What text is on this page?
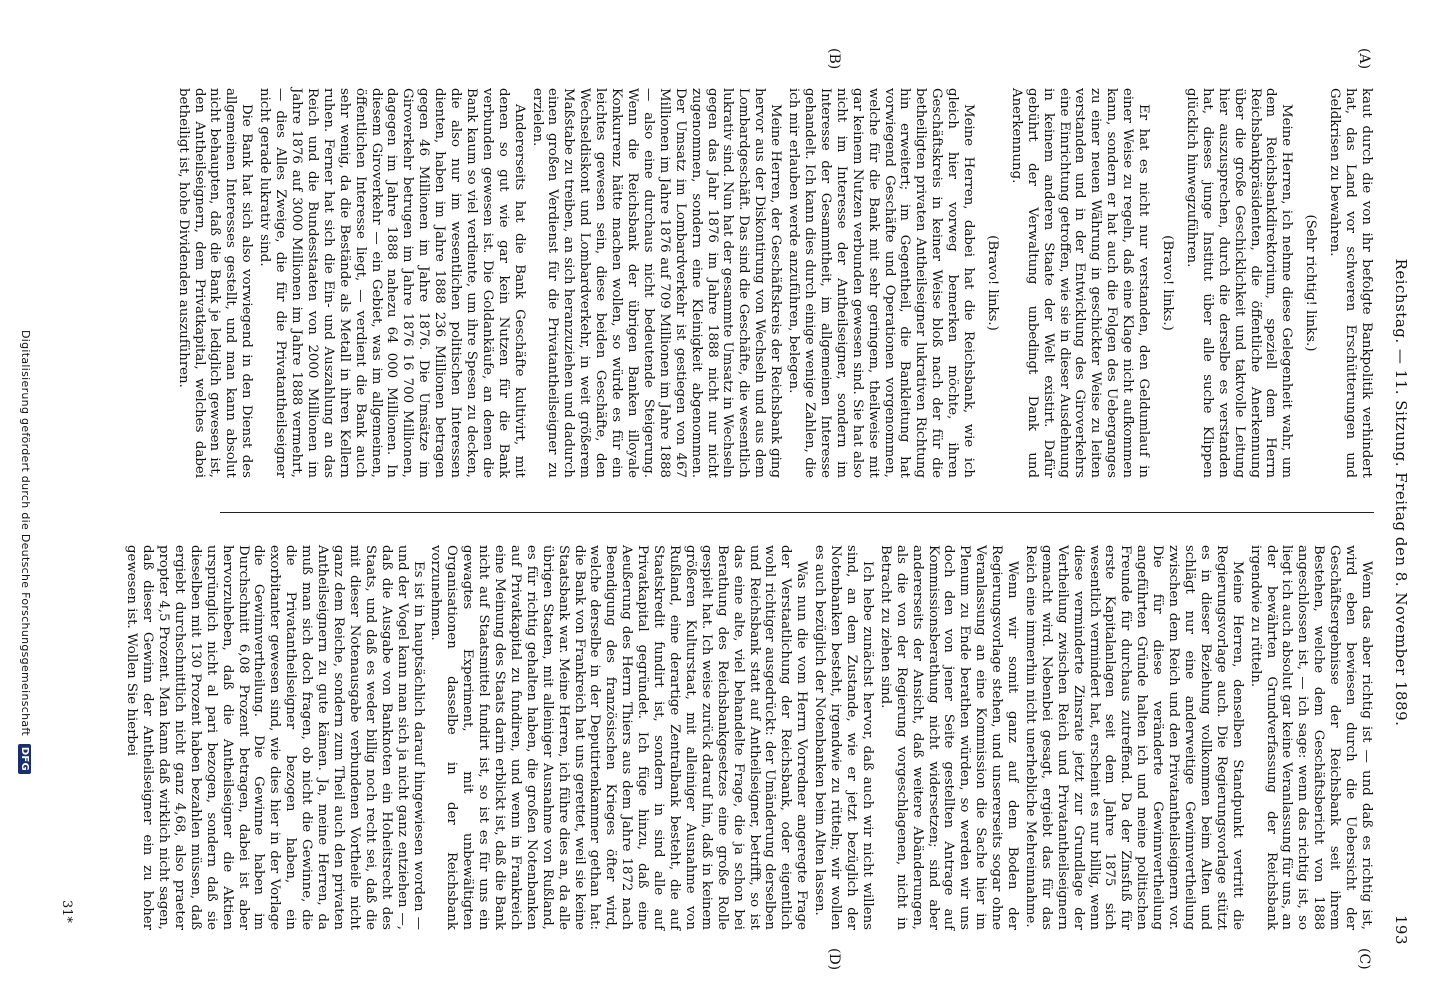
Reichstag. — 11. Sitzung. Freitag den 8. November 1889.
193
(A)
(B)
(C)
(D)

kaut durch die von ihr befolgte Bankpolitik verhindert hat, das Land vor schweren Erschütterungen und Geldkrisen zu bewahren.

(Sehr richtig! links.)

Meine Herren, ich nehme diese Gelegenheit wahr, um dem Reichsbankdirektorium, speziell dem Herrn Reichsbankpräsidenten, die öffentliche Anerkennung über die große Geschicklichkeit und taktvolle Leitung hier auszusprechen, durch die derselbe es verstanden hat, dieses junge Institut über alle suche Klippen glücklich hinwegzuführen.

(Bravo! links.)

Er hat es nicht nur verstanden, den Geldumlauf in einer Weise zu regeln, daß eine Klage nicht aufkommen kann, sondern er hat auch die Folgen des Ueberganges zu einer neuen Währung in geschickter Weise zu leiten verstanden und in der Entwicklung des Giroverkehrs eine Einrichtung getroffen, wie sie in dieser Ausdehnung in keinem anderen Staate der Welt existirt. Dafür gebührt der Verwaltung unbedingt Dank und Anerkennung.

(Bravo! links.)

Meine Herren, dabei hat die Reichsbank, wie ich gleich hier vorweg bemerken möchte, ihren Geschäftskreis in keiner Weise bloß nach der für die betheiligten privaten Antheilseigner lukrativen Richtung hin erweitert; im Gegentheil, die Bankleitung hat vorwiegend Geschäfte und Operationen vorgenommen, welche für die Bank mit sehr geringem, theilweise mit gar keinem Nutzen verbunden gewesen sind. Sie hat also nicht im Interesse der Antheilseigner, sondern im Interesse der Gesammtheit, im allgemeinen Interesse gehandelt. Ich kann dies durch einige wenige Zahlen, die ich mir erlauben werde anzuführen, belegen.

Meine Herren, der Geschäftskreis der Reichsbank ging hervor aus der Diskontirung von Wechseln und aus dem Lombardgeschäft. Das sind die Geschäfte, die wesentlich lukrativ sind. Nun hat der gesammte Umsatz in Wechseln gegen das Jahr 1876 im Jahre 1888 nicht nur nicht zugenommen, sondern eine Kleinigkeit abgenommen. Der Umsatz im Lombardverkehr ist gestiegen von 467 Millionen im Jahre 1876 auf 709 Millionen im Jahre 1888 — also eine durchaus nicht bedeutende Steigerung. Wenn die Reichsbank der übrigen Banken illoyale Konkurrenz hätte machen wollen, so würde es für ein leichtes gewesen sein, diese beiden Geschäfte, den Wechseldiskont und Lombardverkehr, in weit größerem Maßstabe zu treiben, an sich heranzuziehen und dadurch einen großen Verdienst für die Privatantheilseigner zu erzielen.

Andererseits hat die Bank Geschäfte kultivirt, mit denen so gut wie gar kein Nutzen für die Bank verbunden gewesen ist. Die Goldankäufe, an denen die Bank kaum so viel verdiente, um ihre Spesen zu decken, die also nur im wesentlichen politischen Interessen dienten, haben im Jahre 1888 236 Millionen betragen gegen 46 Millionen im Jahre 1876. Die Umsätze im Giroverkehr betrugen im Jahre 1876 16 700 Millionen, dagegen im Jahre 1888 nahezu 64 000 Millionen. In diesem Giroverkehr — ein Gebiet, was im allgemeinen, öffentlichen Interesse liegt, — verdient die Bank auch sehr wenig, da die Bestände als Metall in ihren Kellern ruhen. Ferner hat sich die Ein- und Auszahlung an das Reich und die Bundesstaaten von 2000 Millionen im Jahre 1876 auf 3000 Millionen im Jahre 1888 vermehrt, — dies Alles Zweige, die für die Privatantheilseigner nicht gerade lukrativ sind.

Die Bank hat sich also vorwiegend in den Dienst des allgemeinen Interesses gestellt, und man kann absolut nicht behaupten, daß die Bank je lediglich gewesen ist, den Antheilseignern, dem Privatkapital, welches dabei betheiligt ist, hohe Dividenden auszuführen.

Wenn das aber richtig ist — und daß es richtig ist, wird eben bewiesen durch die Uebersicht der Geschäftsergebnisse der Reichsbank seit ihrem Bestehen, welche dem Geschäftsbericht von 1888 angeschlossen ist, — ich sage: wenn das richtig ist, so liegt ich auch absolut gar keine Veranlassung für uns, an der bewährten Grundverfassung der Reichsbank irgendwie zu rütteln.

Meine Herren, denselben Standpunkt vertritt die Regierungsvorlage auch. Die Regierungsvorlage stützt es in dieser Beziehung vollkommen beim Alten und schlägt nur eine anderweitige Gewinnvertheilung zwischen dem Reich und den Privatantheilseignern vor. Die für diese veränderte Gewinnvertheilung angeführten Gründe halten ich und meine politischen Freunde für durchaus zutreffend. Da der Zinsfuß für erste Kapitalanlagen seit dem Jahre 1875 sich wesentlich vermindert hat, erscheint es nur billig, wenn diese verminderte Zinsrate jetzt zur Grundlage der Vertheilung zwischen Reich und Privatantheilseignern gemacht wird. Nebenbei gesagt, ergiebt das für das Reich eine immerhin nicht unerhebliche Mehreinnahme.

Wenn wir somit ganz auf dem Boden der Regierungsvorlage stehen, und unsererseits sogar ohne Veranlassung an eine Kommission die Sache hier im Plenum zu Ende berathen würden, so werden wir uns doch den von jener Seite gestellten Antrage auf Kommissionsberathung nicht widersetzen; sind aber andererseits der Ansicht, daß weitere Abänderungen, als die von der Regierung vorgeschlagenen, nicht in Betracht zu ziehen sind.

Ich hebe zunächst hervor, daß auch wir nicht willens sind, an dem Zustande, wie er jetzt bezüglich der Notenbanken besteht, irgendwie zu rütteln; wir wollen es auch bezüglich der Notenbanken beim Alten lassen.

Was nun die vom Herrn Vorredner angeregte Frage der Verstaatlichung der Reichsbank, oder eigentlich wohl richtiger ausgedrückt: der Umänderung derselben und Reichsbank statt auf Antheilseigner, betrifft, so ist das eine alte, viel behandelte Frage, die ja schon bei Berathung des Reichsbankgesetzes eine große Rolle gespielt hat. Ich weise zurück darauf hin, daß in keinem größeren Kulturstaat, mit alleiniger Ausnahme von Rußland, eine derartige Zentralbank besteht, die auf Staatskredit fundirt ist, sondern in sind alle auf Privatkapital gegründet. Ich füge hinzu, daß eine Aeußerung des Herrn Thiers aus dem Jahre 1872 nach Beendigung des französischen Krieges öfter wird, welche derselbe in der Deputirtenkammer gethan hat: die Bank von Frankreich hat uns gerettet, weil sie keine Staatsbank war. Meine Herren, ich führe dies an, da alle übrigen Staaten, mit alleiniger Ausnahme von Rußland, es für richtig gehalten haben, die großen Notenbanken auf Privatkapital zu fundiren, und wenn in Frankreich eine Meinung des Staats darin erblickt ist, daß die Bank nicht auf Staatsmittel fundirt ist, so ist es für uns ein gewagtes Experiment, mit unbewältigten Organisationen dasselbe in der Reichsbank vorzunehmen.

Es ist in hauptsächlich darauf hingewiesen worden — und der Vogel kann man sich ja nicht ganz entziehen —, daß die Ausgabe von Banknoten ein Hoheitsrecht des Staats, und daß es weder billig noch recht sei, daß die mit dieser Notenausgabe verbundenen Vortheile nicht ganz dem Reiche, sondern zum Theil auch den privaten Antheilseignern zu gute kämen. Ja, meine Herren, da muß man sich doch fragen, ob nicht die Gewinne, die die Privatantheilseigner bezogen haben, ein exorbitanter gewesen sind, wie dies hier in der Vorlage die Gewinnvertheilung. Die Gewinne haben im Durchschnitt 6,08 Prozent betragen, dabei ist aber hervorzuheben, daß die Antheilseigner die Aktien ursprünglich nicht al pari bezogen, sondern daß sie dieselben mit 130 Prozent haben bezahlen müssen, daß ergiebt durchschnittlich nicht ganz 4,68, also praeter propter 4,5 Prozent. Man kann daß wirklich nicht sagen, daß dieser Gewinn der Antheilseigner ein zu hoher gewesen ist. Wollen Sie hierbei

31*
Digitalisierung gefördert durch die Deutsche Forschungsgemeinschaft DFG
